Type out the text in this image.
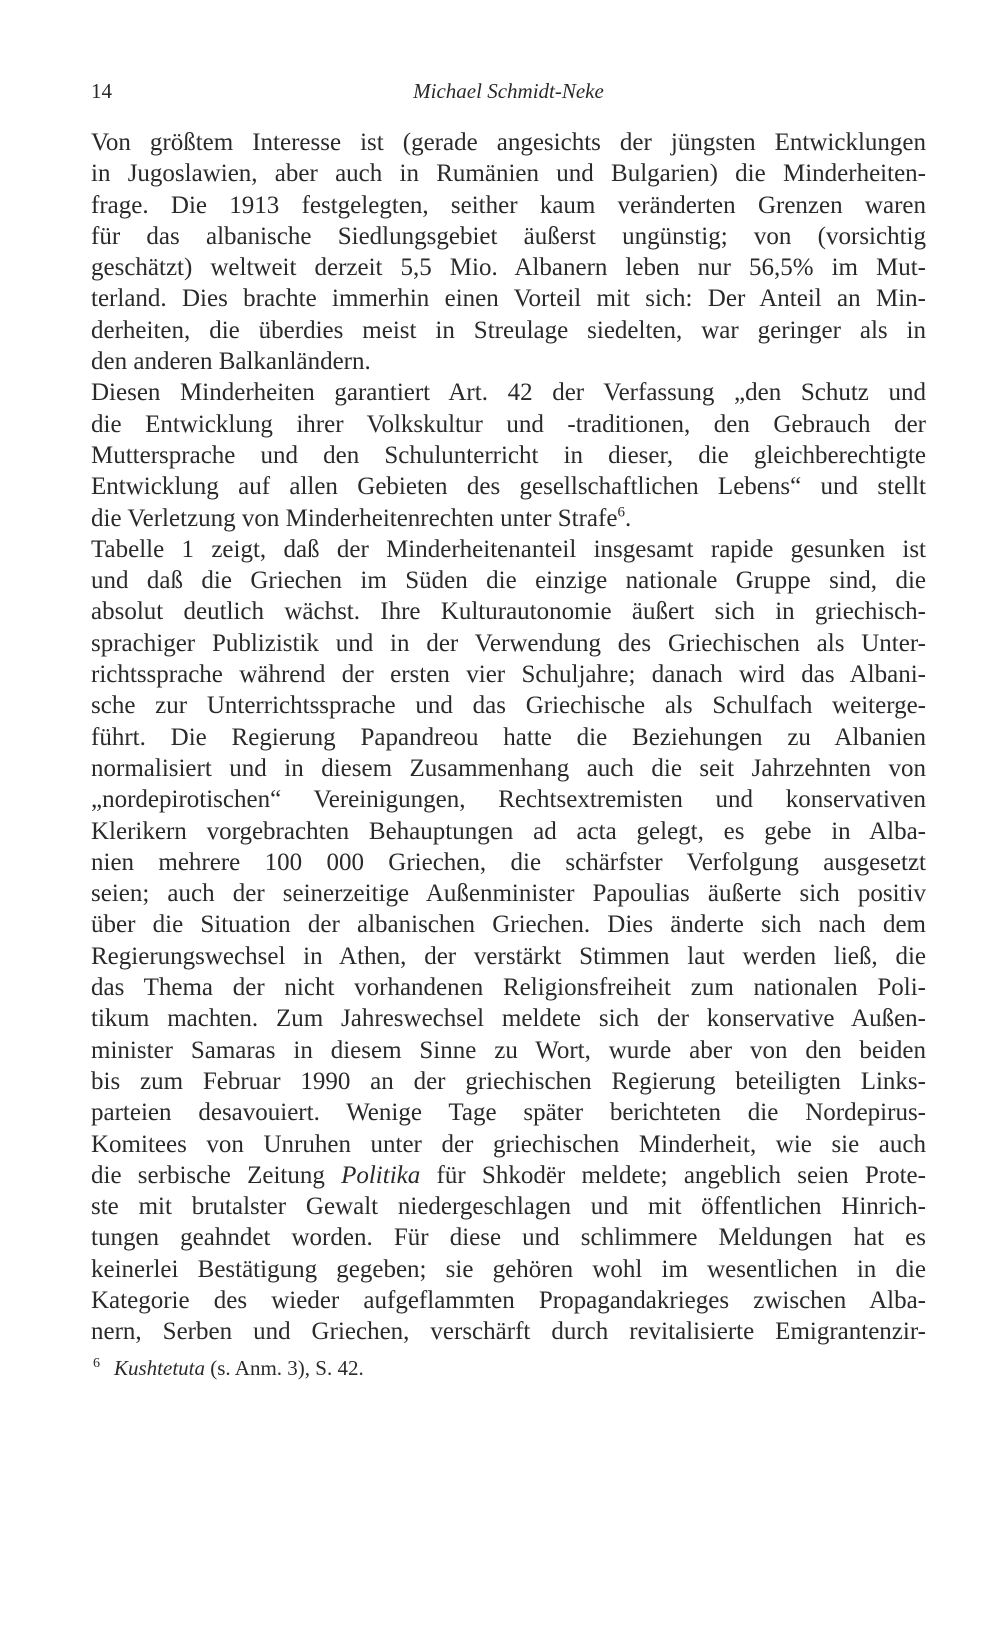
14	Michael Schmidt-Neke
Von größtem Interesse ist (gerade angesichts der jüngsten Entwicklungen
in Jugoslawien, aber auch in Rumänien und Bulgarien) die Minderheiten-
frage. Die 1913 festgelegten, seither kaum veränderten Grenzen waren
für das albanische Siedlungsgebiet äußerst ungünstig; von (vorsichtig
geschätzt) weltweit derzeit 5,5 Mio. Albanern leben nur 56,5% im Mut-
terland. Dies brachte immerhin einen Vorteil mit sich: Der Anteil an Min-
derheiten, die überdies meist in Streulage siedelten, war geringer als in
den anderen Balkanländern.
Diesen Minderheiten garantiert Art. 42 der Verfassung „den Schutz und
die Entwicklung ihrer Volkskultur und -traditionen, den Gebrauch der
Muttersprache und den Schulunterricht in dieser, die gleichberechtigte
Entwicklung auf allen Gebieten des gesellschaftlichen Lebens“ und stellt
die Verletzung von Minderheitenrechten unter Strafe$^6$.
Tabelle 1 zeigt, daß der Minderheitenanteil insgesamt rapide gesunken ist
und daß die Griechen im Süden die einzige nationale Gruppe sind, die
absolut deutlich wächst. Ihre Kulturautonomie äußert sich in griechisch-
sprachiger Publizistik und in der Verwendung des Griechischen als Unter-
richtssprache während der ersten vier Schuljahre; danach wird das Albani-
sche zur Unterrichtssprache und das Griechische als Schulfach weiterge-
führt. Die Regierung Papandreou hatte die Beziehungen zu Albanien
normalisiert und in diesem Zusammenhang auch die seit Jahrzehnten von
„nordepirotischen“ Vereinigungen, Rechtsextremisten und konservativen
Klerikern vorgebrachten Behauptungen ad acta gelegt, es gebe in Alba-
nien mehrere 100 000 Griechen, die schärfster Verfolgung ausgesetzt
seien; auch der seinerzeitige Außenminister Papoulias äußerte sich positiv
über die Situation der albanischen Griechen. Dies änderte sich nach dem
Regierungswechsel in Athen, der verstärkt Stimmen laut werden ließ, die
das Thema der nicht vorhandenen Religionsfreiheit zum nationalen Poli-
tikum machten. Zum Jahreswechsel meldete sich der konservative Außen-
minister Samaras in diesem Sinne zu Wort, wurde aber von den beiden
bis zum Februar 1990 an der griechischen Regierung beteiligten Links-
parteien desavouiert. Wenige Tage später berichteten die Nordepirus-
Komitees von Unruhen unter der griechischen Minderheit, wie sie auch
die serbische Zeitung Politika für Shkodër meldete; angeblich seien Prote-
ste mit brutalster Gewalt niedergeschlagen und mit öffentlichen Hinrich-
tungen geahndet worden. Für diese und schlimmere Meldungen hat es
keinerlei Bestätigung gegeben; sie gehören wohl im wesentlichen in die
Kategorie des wieder aufgeflammten Propagandakrieges zwischen Alba-
nern, Serben und Griechen, verschärft durch revitalisierte Emigrantenzir-
$^6$ Kushtetuta (s. Anm. 3), S. 42.
